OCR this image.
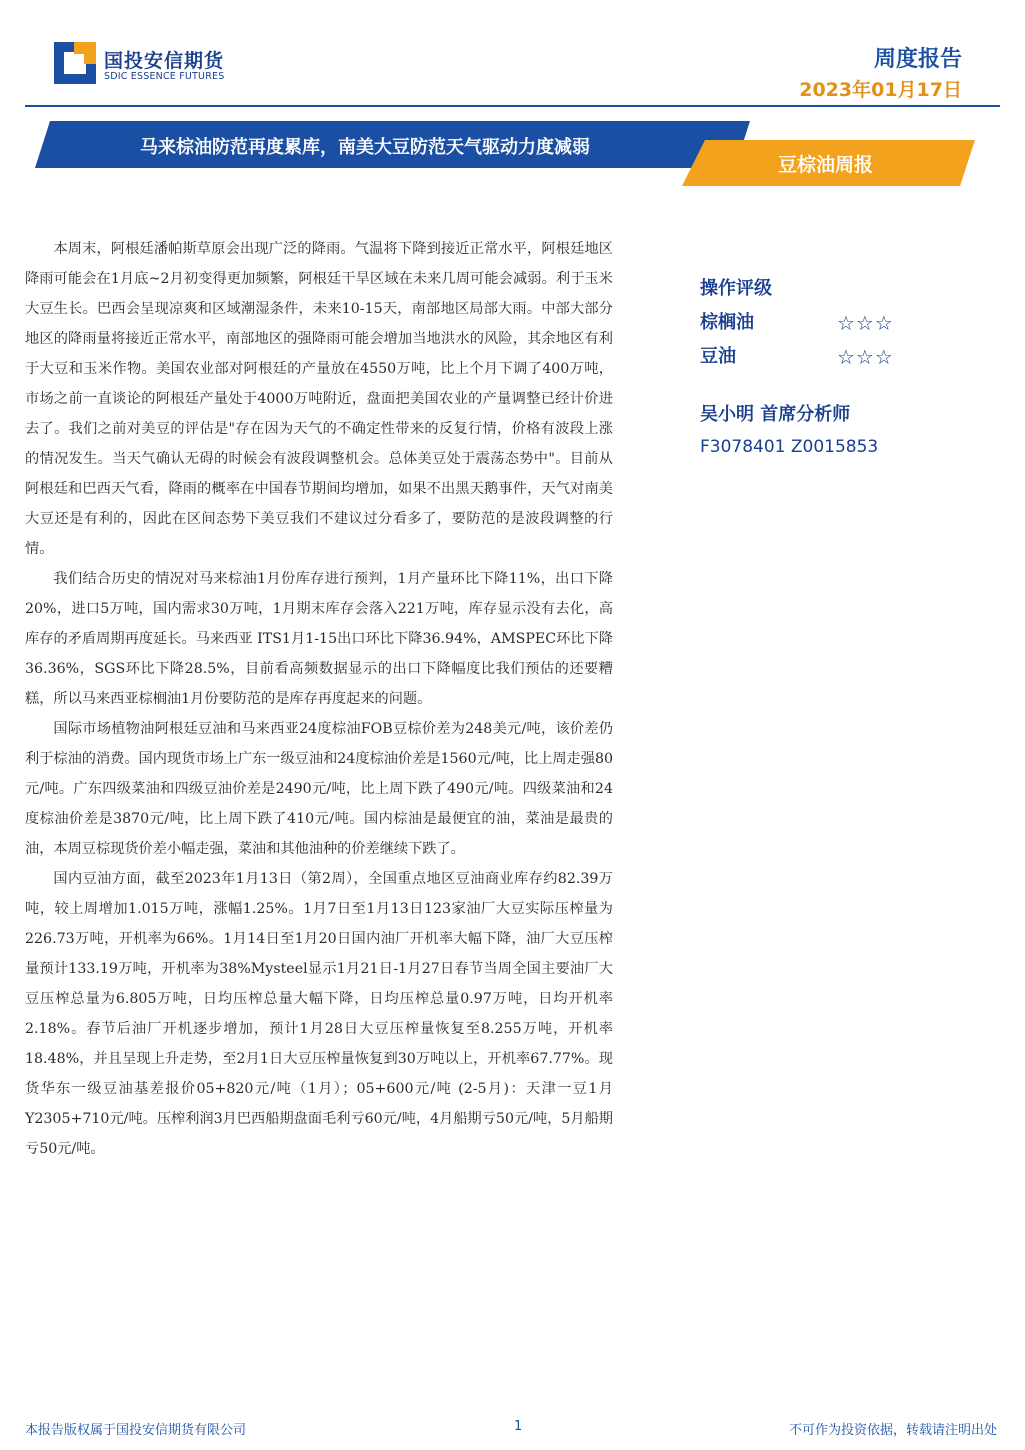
国投安信期货
SDIC ESSENCE FUTURES
周度报告
2023年01月17日
马来棕油防范再度累库，南美大豆防范天气驱动力度减弱
豆棕油周报

本周末，阿根廷潘帕斯草原会出现广泛的降雨。气温将下降到接近正常水平，阿根廷地区降雨可能会在1月底~2月初变得更加频繁，阿根廷干旱区域在未来几周可能会减弱。利于玉米大豆生长。巴西会呈现凉爽和区域潮湿条件，未来10-15天，南部地区局部大雨。中部大部分地区的降雨量将接近正常水平，南部地区的强降雨可能会增加当地洪水的风险，其余地区有利于大豆和玉米作物。美国农业部对阿根廷的产量放在4550万吨，比上个月下调了400万吨，市场之前一直谈论的阿根廷产量处于4000万吨附近，盘面把美国农业的产量调整已经计价进去了。我们之前对美豆的评估是"存在因为天气的不确定性带来的反复行情，价格有波段上涨的情况发生。当天气确认无碍的时候会有波段调整机会。总体美豆处于震荡态势中"。目前从阿根廷和巴西天气看，降雨的概率在中国春节期间均增加，如果不出黑天鹅事件，天气对南美大豆还是有利的，因此在区间态势下美豆我们不建议过分看多了，要防范的是波段调整的行情。

我们结合历史的情况对马来棕油1月份库存进行预判，1月产量环比下降11%，出口下降20%，进口5万吨，国内需求30万吨，1月期末库存会落入221万吨，库存显示没有去化，高库存的矛盾周期再度延长。马来西亚 ITS1月1-15出口环比下降36.94%，AMSPEC环比下降36.36%，SGS环比下降28.5%，目前看高频数据显示的出口下降幅度比我们预估的还要糟糕，所以马来西亚棕榈油1月份要防范的是库存再度起来的问题。

国际市场植物油阿根廷豆油和马来西亚24度棕油FOB豆棕价差为248美元/吨，该价差仍利于棕油的消费。国内现货市场上广东一级豆油和24度棕油价差是1560元/吨，比上周走强80元/吨。广东四级菜油和四级豆油价差是2490元/吨，比上周下跌了490元/吨。四级菜油和24度棕油价差是3870元/吨，比上周下跌了410元/吨。国内棕油是最便宜的油，菜油是最贵的油，本周豆棕现货价差小幅走强，菜油和其他油种的价差继续下跌了。

国内豆油方面，截至2023年1月13日（第2周），全国重点地区豆油商业库存约82.39万吨，较上周增加1.015万吨，涨幅1.25%。1月7日至1月13日123家油厂大豆实际压榨量为226.73万吨，开机率为66%。1月14日至1月20日国内油厂开机率大幅下降，油厂大豆压榨量预计133.19万吨，开机率为38%Mysteel显示1月21日-1月27日春节当周全国主要油厂大豆压榨总量为6.805万吨，日均压榨总量大幅下降，日均压榨总量0.97万吨，日均开机率2.18%。春节后油厂开机逐步增加，预计1月28日大豆压榨量恢复至8.255万吨，开机率18.48%，并且呈现上升走势，至2月1日大豆压榨量恢复到30万吨以上，开机率67.77%。现货华东一级豆油基差报价05+820元/吨（1月）；05+600元/吨 (2-5月)：天津一豆1月Y2305+710元/吨。压榨利润3月巴西船期盘面毛利亏60元/吨，4月船期亏50元/吨，5月船期亏50元/吨。

操作评级
棕榈油	☆☆☆
豆油	☆☆☆
吴小明 首席分析师
F3078401 Z0015853
本报告版权属于国投安信期货有限公司	1	不可作为投资依据，转载请注明出处
